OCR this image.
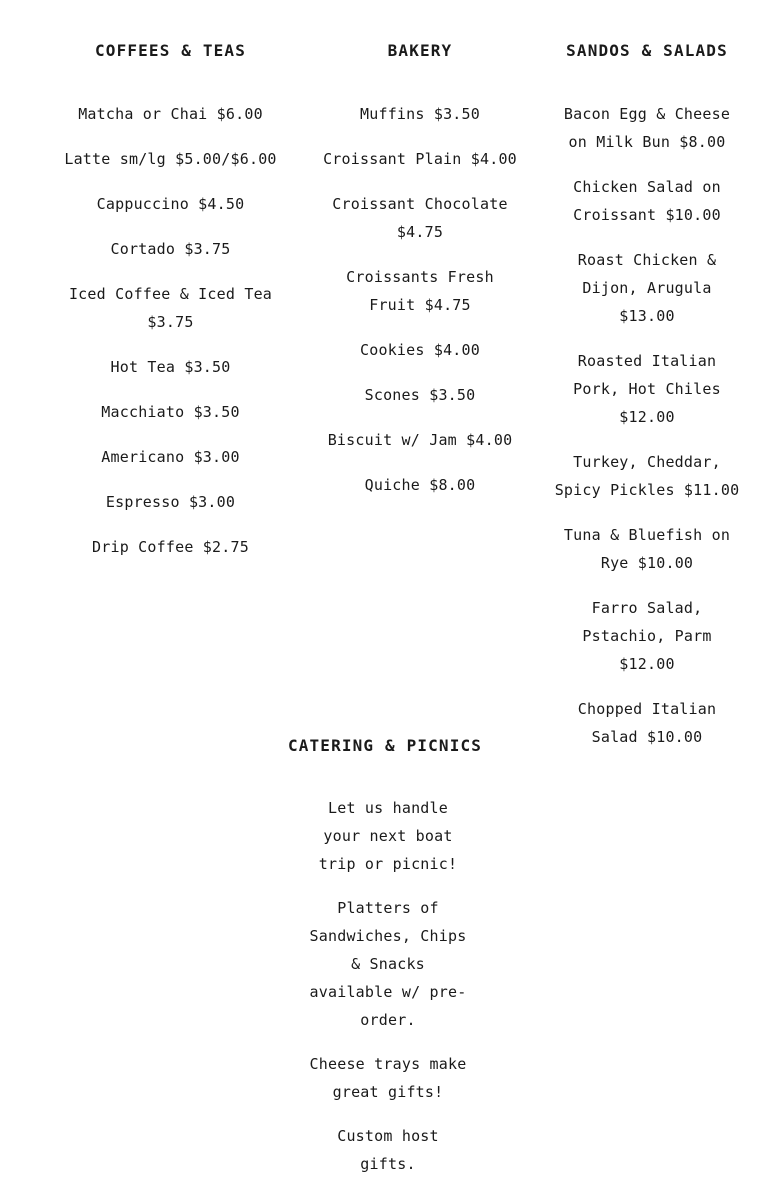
COFFEES & TEAS
Matcha or Chai $6.00
Latte sm/lg $5.00/$6.00
Cappuccino $4.50
Cortado $3.75
Iced Coffee & Iced Tea $3.75
Hot Tea $3.50
Macchiato $3.50
Americano $3.00
Espresso $3.00
Drip Coffee $2.75
BAKERY
Muffins $3.50
Croissant Plain $4.00
Croissant Chocolate $4.75
Croissants Fresh Fruit $4.75
Cookies $4.00
Scones $3.50
Biscuit w/ Jam $4.00
Quiche $8.00
SANDOS & SALADS
Bacon Egg & Cheese on Milk Bun $8.00
Chicken Salad on Croissant $10.00
Roast Chicken & Dijon, Arugula $13.00
Roasted Italian Pork, Hot Chiles $12.00
Turkey, Cheddar, Spicy Pickles $11.00
Tuna & Bluefish on Rye $10.00
Farro Salad, Pstachio, Parm $12.00
Chopped Italian Salad $10.00
CATERING & PICNICS
Let us handle your next boat trip or picnic!
Platters of Sandwiches, Chips & Snacks available w/ pre-order.
Cheese trays make great gifts!
Custom host gifts.
